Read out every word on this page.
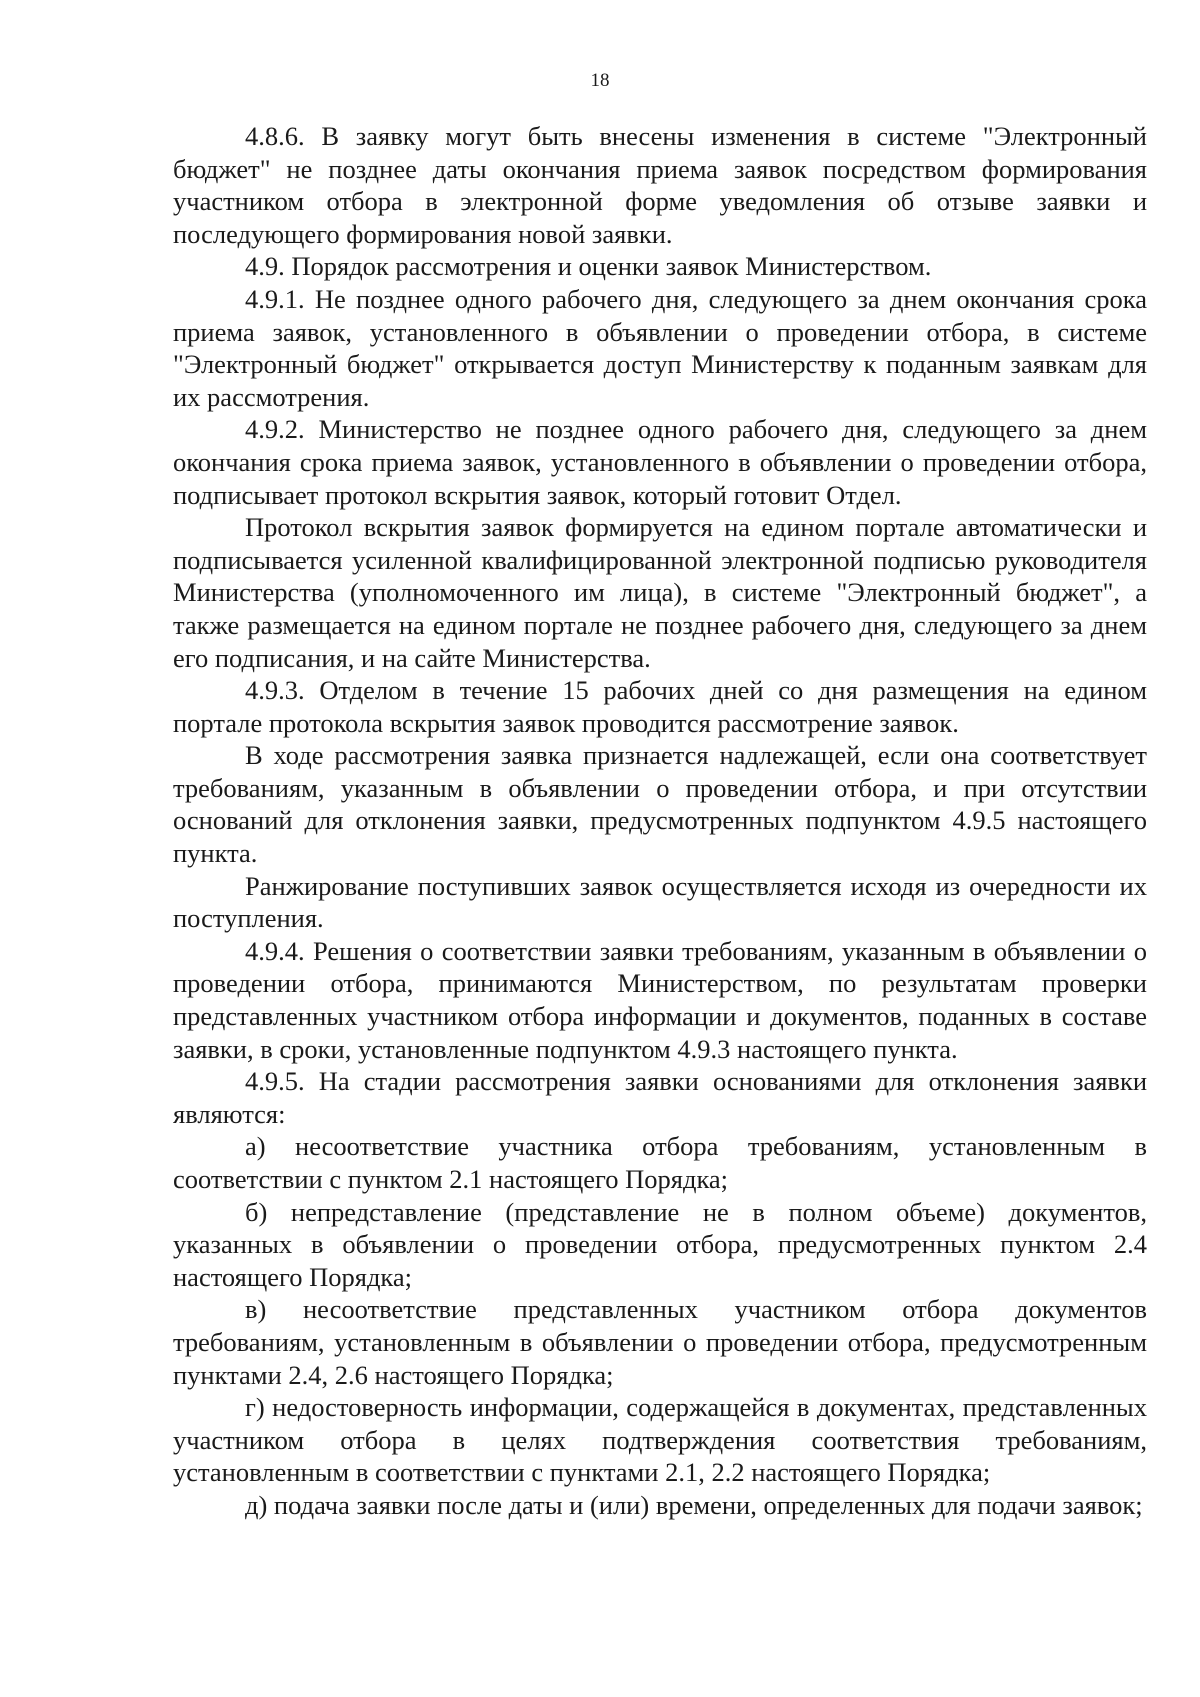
18

4.8.6. В заявку могут быть внесены изменения в системе "Электронный бюджет" не позднее даты окончания приема заявок посредством формирования участником отбора в электронной форме уведомления об отзыве заявки и последующего формирования новой заявки.

4.9. Порядок рассмотрения и оценки заявок Министерством.

4.9.1. Не позднее одного рабочего дня, следующего за днем окончания срока приема заявок, установленного в объявлении о проведении отбора, в системе "Электронный бюджет" открывается доступ Министерству к поданным заявкам для их рассмотрения.

4.9.2. Министерство не позднее одного рабочего дня, следующего за днем окончания срока приема заявок, установленного в объявлении о проведении отбора, подписывает протокол вскрытия заявок, который готовит Отдел.

Протокол вскрытия заявок формируется на едином портале автоматически и подписывается усиленной квалифицированной электронной подписью руководителя Министерства (уполномоченного им лица), в системе "Электронный бюджет", а также размещается на едином портале не позднее рабочего дня, следующего за днем его подписания, и на сайте Министерства.

4.9.3. Отделом в течение 15 рабочих дней со дня размещения на едином портале протокола вскрытия заявок проводится рассмотрение заявок.

В ходе рассмотрения заявка признается надлежащей, если она соответствует требованиям, указанным в объявлении о проведении отбора, и при отсутствии оснований для отклонения заявки, предусмотренных подпунктом 4.9.5 настоящего пункта.

Ранжирование поступивших заявок осуществляется исходя из очередности их поступления.

4.9.4. Решения о соответствии заявки требованиям, указанным в объявлении о проведении отбора, принимаются Министерством, по результатам проверки представленных участником отбора информации и документов, поданных в составе заявки, в сроки, установленные подпунктом 4.9.3 настоящего пункта.

4.9.5. На стадии рассмотрения заявки основаниями для отклонения заявки являются:

а) несоответствие участника отбора требованиям, установленным в соответствии с пунктом 2.1 настоящего Порядка;

б) непредставление (представление не в полном объеме) документов, указанных в объявлении о проведении отбора, предусмотренных пунктом 2.4 настоящего Порядка;

в) несоответствие представленных участником отбора документов требованиям, установленным в объявлении о проведении отбора, предусмотренным пунктами 2.4, 2.6 настоящего Порядка;

г) недостоверность информации, содержащейся в документах, представленных участником отбора в целях подтверждения соответствия требованиям, установленным в соответствии с пунктами 2.1, 2.2 настоящего Порядка;

д) подача заявки после даты и (или) времени, определенных для подачи заявок;
